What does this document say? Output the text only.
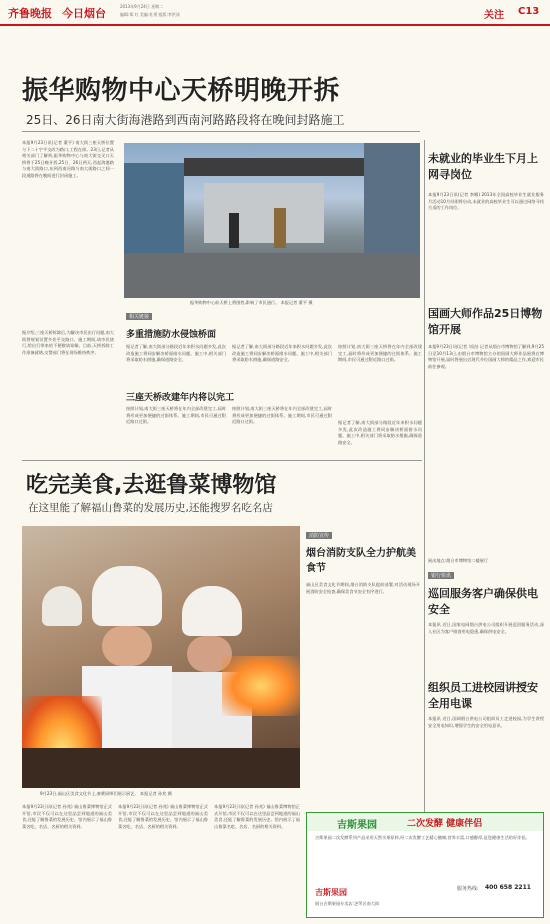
齐鲁晚报 今日烟台
2013年9月24日 星期二
编辑:郑 红 美编:杜勇 组版:李洪涛	关注 C13
振华购物中心天桥明晚开拆
25日、26日南大街海港路到西南河路路段将在晚间封路施工
本报9月23日讯(记者 董平) 南大街三座天桥位置与下二十字平交改为路口,工程在即。23日,记者从相关部门了解到,振华购物中心与南大街交叉口天桥将于25日晚开拆,25日、26日两天,西起海港路与南大街路口,东到西南河路与南大街路口之间一段道路将在晚间进行封闭施工。
据介绍,三座天桥拆除后,为解决市民出行问题,南大街将规划设置多处平交路口。施工期间,请市民绕行,给出行带来的不便敬请谅解。目前,天桥拆除工作准备就绪,交警部门将在现场维持秩序。
振华购物中心前天桥上将围挡,影响了市民通行。 本报记者 董平 摄
相关链接
多重措施防水侵蚀桥面
据记者了解,南大街部分路段近年来积水问题多发,此次改造施工将同步解决桥面排水问题。施工中,相关部门将采取防水措施,确保道路安全。
据记者了解,南大街部分路段近年来积水问题多发,此次改造施工将同步解决桥面排水问题。施工中,相关部门将采取防水措施,确保道路安全。
按照计划,南大街三座天桥将在年内全部改建完工,届时将形成更加便捷的过街体系。施工期间,市民可通过附近路口过街。
三座天桥改建年内将以完工
按照计划,南大街三座天桥将在年内全部改建完工,届时将形成更加便捷的过街体系。施工期间,市民可通过附近路口过街。
按照计划,南大街三座天桥将在年内全部改建完工,届时将形成更加便捷的过街体系。施工期间,市民可通过附近路口过街。	据记者了解,南大街部分路段近年来积水问题多发,此次改造施工将同步解决桥面排水问题。施工中,相关部门将采取防水措施,确保道路安全。
未就业的毕业生下月上网寻岗位
本报9月23日讯(记者 李娜) 2013年全国高校毕业生就业服务月活动10月份即将启动,未就业的高校毕业生可以通过网络寻找合适的工作岗位。
国画大师作品25日博物馆开展
本报9月23日讯(记者 刘洁) 记者从烟台市博物馆了解到,9月25日至10月13日,由烟台市博物馆主办的国画大师作品展将在博物馆开展,届时将展出近现代多位国画大师的精品之作,欢迎市民前往参观。
展出地点:烟台市博物馆二楼展厅
吃完美食,去逛鲁菜博物馆
在这里能了解福山鲁菜的发展历史,还能搜罗名吃名店
9月23日,福山区美食文化节上,参赛厨师们展示厨艺。 本报记者 孙兆 摄
本报9月23日讯(记者 孙兆) 福山鲁菜博物馆正式开馆,市民不仅可以在这里品尝到地道的福山美食,还能了解鲁菜的发展历史。馆内展示了福山鲁菜名吃、名店、名厨的相关资料。
本报9月23日讯(记者 孙兆) 福山鲁菜博物馆正式开馆,市民不仅可以在这里品尝到地道的福山美食,还能了解鲁菜的发展历史。馆内展示了福山鲁菜名吃、名店、名厨的相关资料。
本报9月23日讯(记者 孙兆) 福山鲁菜博物馆正式开馆,市民不仅可以在这里品尝到地道的福山美食,还能了解鲁菜的发展历史。馆内展示了福山鲁菜名吃、名店、名厨的相关资料。
消防宣传
烟台消防支队全力护航美食节
福山区美食文化节期间,烟台消防支队提前部署,对活动现场开展消防安全检查,确保美食节安全有序进行。
银行快讯
巡回服务客户确保供电安全
本报讯 近日,国家电网烟台供电公司组织开展巡回服务活动,深入社区为客户排查用电隐患,确保供电安全。
组织员工进校园讲授安全用电课
本报讯 近日,国网烟台供电公司组织员工走进校园,为学生讲授安全用电知识,增强学生的安全用电意识。
吉斯果园	二次发酵 健康伴侣
吉斯果园二次发酵系列产品采用天然水果原料,经二次发酵工艺精心酿制,营养丰富,口感醇厚,是您健康生活的好伴侣。
吉斯果园	服务热线: 400 658 2211
烟台吉斯果园专卖店:芝罘区南大街
